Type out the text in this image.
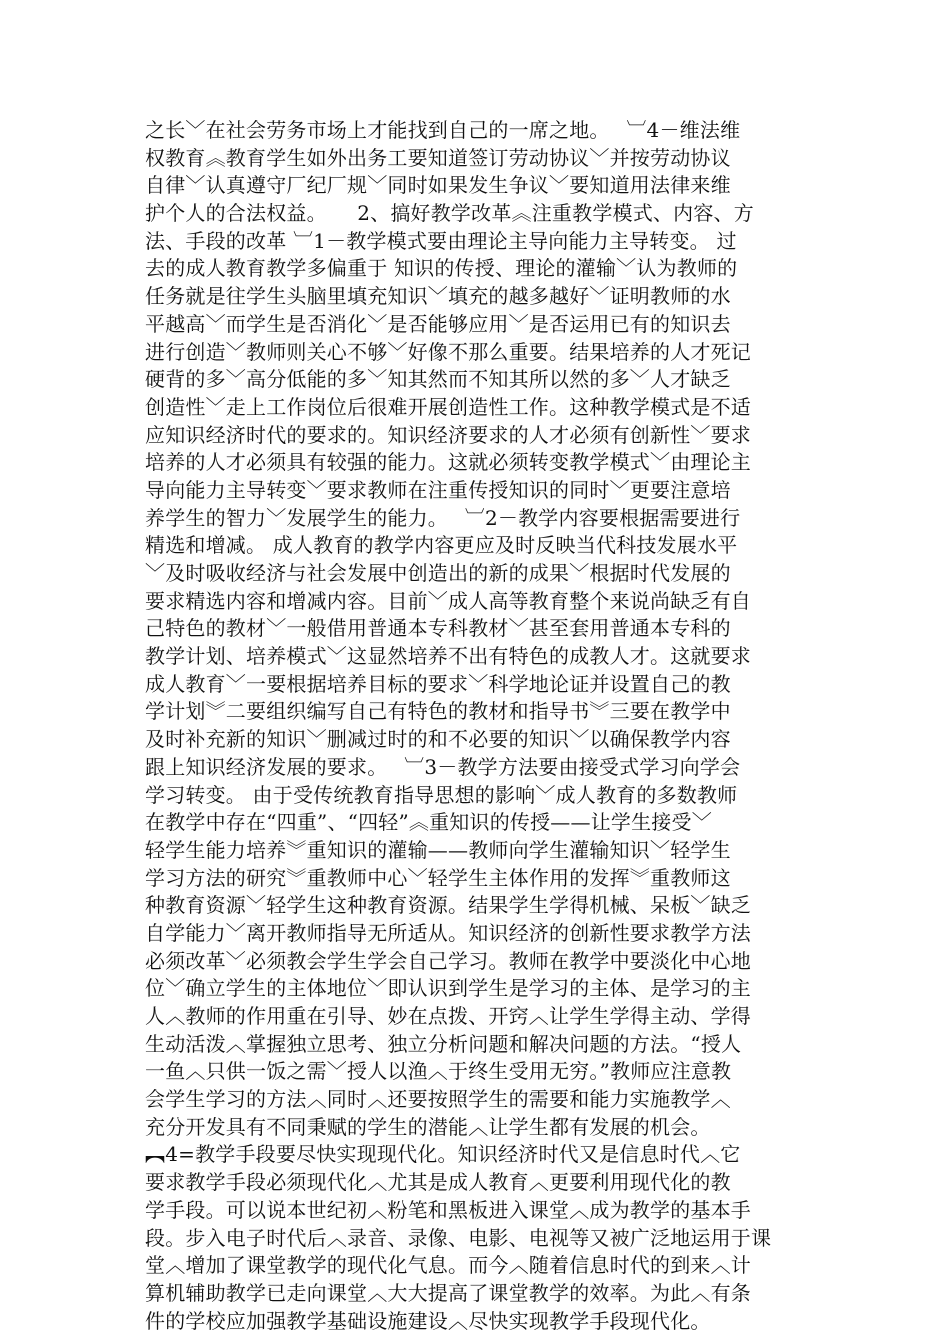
之长﹀在社会劳务市场上才能找到自己的一席之地。　 ︺4－维法维
权教育︽教育学生如外出务工要知道签订劳动协议﹀并按劳动协议
自律﹀认真遵守厂纪厂规﹀同时如果发生争议﹀要知道用法律来维
护个人的合法权益。　　2、搞好教学改革︽注重教学模式、内容、方
法、手段的改革 ︺1－教学模式要由理论主导向能力主导转变。 过
去的成人教育教学多偏重于 知识的传授、理论的灌输﹀认为教师的
任务就是往学生头脑里填充知识﹀填充的越多越好﹀证明教师的水
平越高﹀而学生是否消化﹀是否能够应用﹀是否运用已有的知识去
进行创造﹀教师则关心不够﹀好像不那么重要。结果培养的人才死记
硬背的多﹀高分低能的多﹀知其然而不知其所以然的多﹀人才缺乏
创造性﹀走上工作岗位后很难开展创造性工作。这种教学模式是不适
应知识经济时代的要求的。知识经济要求的人才必须有创新性﹀要求
培养的人才必须具有较强的能力。这就必须转变教学模式﹀由理论主
导向能力主导转变﹀要求教师在注重传授知识的同时﹀更要注意培
养学生的智力﹀发展学生的能力。　 ︺2－教学内容要根据需要进行
精选和增减。 成人教育的教学内容更应及时反映当代科技发展水平
﹀及时吸收经济与社会发展中创造出的新的成果﹀根据时代发展的
要求精选内容和增减内容。目前﹀成人高等教育整个来说尚缺乏有自
己特色的教材﹀一般借用普通本专科教材﹀甚至套用普通本专科的
教学计划、培养模式﹀这显然培养不出有特色的成教人才。这就要求
成人教育﹀一要根据培养目标的要求﹀科学地论证并设置自己的教
学计划︾二要组织编写自己有特色的教材和指导书︾三要在教学中
及时补充新的知识﹀删减过时的和不必要的知识﹀以确保教学内容
跟上知识经济发展的要求。　 ︺3－教学方法要由接受式学习向学会
学习转变。 由于受传统教育指导思想的影响﹀成人教育的多数教师
在教学中存在“四重”、“四轻”︽重知识的传授——让学生接受﹀
轻学生能力培养︾重知识的灌输——教师向学生灌输知识﹀轻学生
学习方法的研究︾重教师中心﹀轻学生主体作用的发挥︾重教师这
种教育资源﹀轻学生这种教育资源。结果学生学得机械、呆板﹀缺乏
自学能力﹀离开教师指导无所适从。知识经济的创新性要求教学方法
必须改革﹀必须教会学生学会自己学习。教师在教学中要淡化中心地
位﹀确立学生的主体地位﹀即认识到学生是学习的主体、是学习的主
人︿教师的作用重在引导、妙在点拨、开窍︿让学生学得主动、学得
生动活泼︿掌握独立思考、独立分析问题和解决问题的方法。“授人
一鱼︿只供一饭之需﹀授人以渔︿于终生受用无穷。”教师应注意教
会学生学习的方法︿同时︿还要按照学生的需要和能力实施教学︿
充分开发具有不同秉赋的学生的潜能︿让学生都有发展的机会。
︻4=教学手段要尽快实现现代化。知识经济时代又是信息时代︿它
要求教学手段必须现代化︿尤其是成人教育︿更要利用现代化的教
学手段。可以说本世纪初︿粉笔和黑板进入课堂︿成为教学的基本手
段。步入电子时代后︿录音、录像、电影、电视等又被广泛地运用于课
堂︿增加了课堂教学的现代化气息。而今︿随着信息时代的到来︿计
算机辅助教学已走向课堂︿大大提高了课堂教学的效率。为此︿有条
件的学校应加强教学基础设施建设︿尽快实现教学手段现代化。
